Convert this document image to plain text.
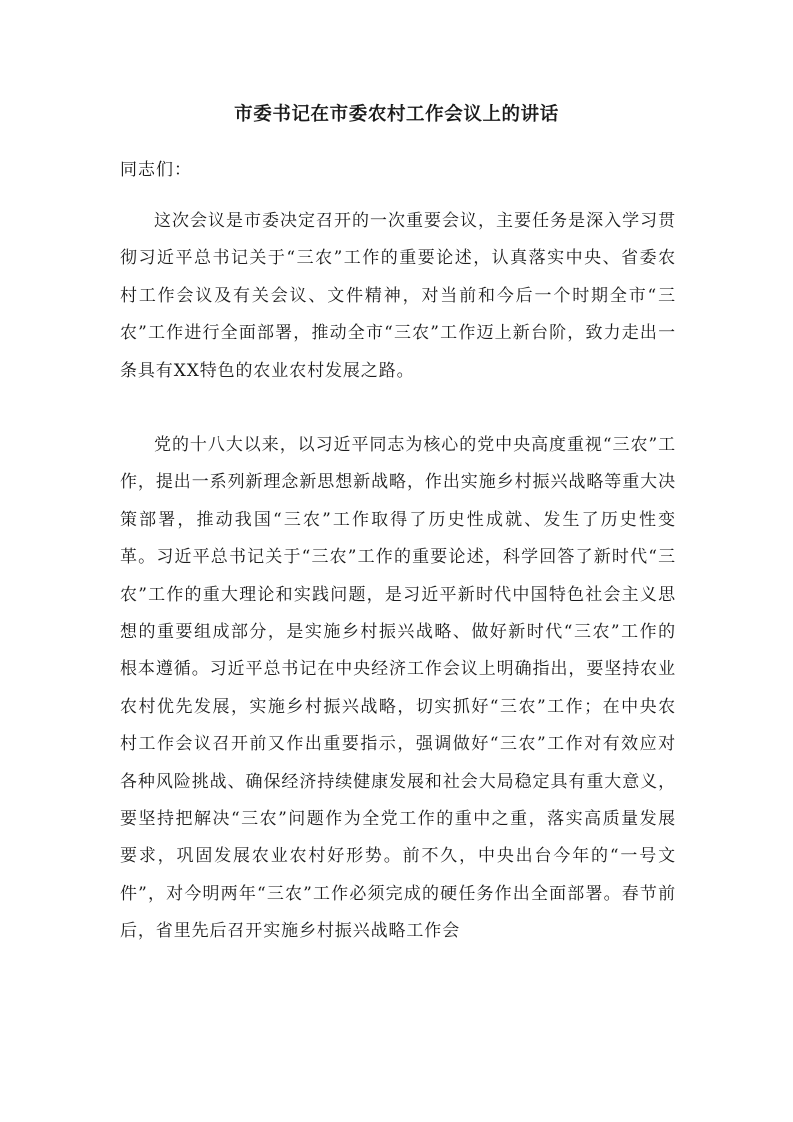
市委书记在市委农村工作会议上的讲话

同志们：

这次会议是市委决定召开的一次重要会议，主要任务是深入学习贯彻习近平总书记关于“三农”工作的重要论述，认真落实中央、省委农村工作会议及有关会议、文件精神，对当前和今后一个时期全市“三农”工作进行全面部署，推动全市“三农”工作迈上新台阶，致力走出一条具有XX特色的农业农村发展之路。

党的十八大以来，以习近平同志为核心的党中央高度重视“三农”工作，提出一系列新理念新思想新战略，作出实施乡村振兴战略等重大决策部署，推动我国“三农”工作取得了历史性成就、发生了历史性变革。习近平总书记关于“三农”工作的重要论述，科学回答了新时代“三农”工作的重大理论和实践问题，是习近平新时代中国特色社会主义思想的重要组成部分，是实施乡村振兴战略、做好新时代“三农”工作的根本遵循。习近平总书记在中央经济工作会议上明确指出，要坚持农业农村优先发展，实施乡村振兴战略，切实抓好“三农”工作；在中央农村工作会议召开前又作出重要指示，强调做好“三农”工作对有效应对各种风险挑战、确保经济持续健康发展和社会大局稳定具有重大意义，要坚持把解决“三农”问题作为全党工作的重中之重，落实高质量发展要求，巩固发展农业农村好形势。前不久，中央出台今年的“一号文件”，对今明两年“三农”工作必须完成的硬任务作出全面部署。春节前后，省里先后召开实施乡村振兴战略工作会
